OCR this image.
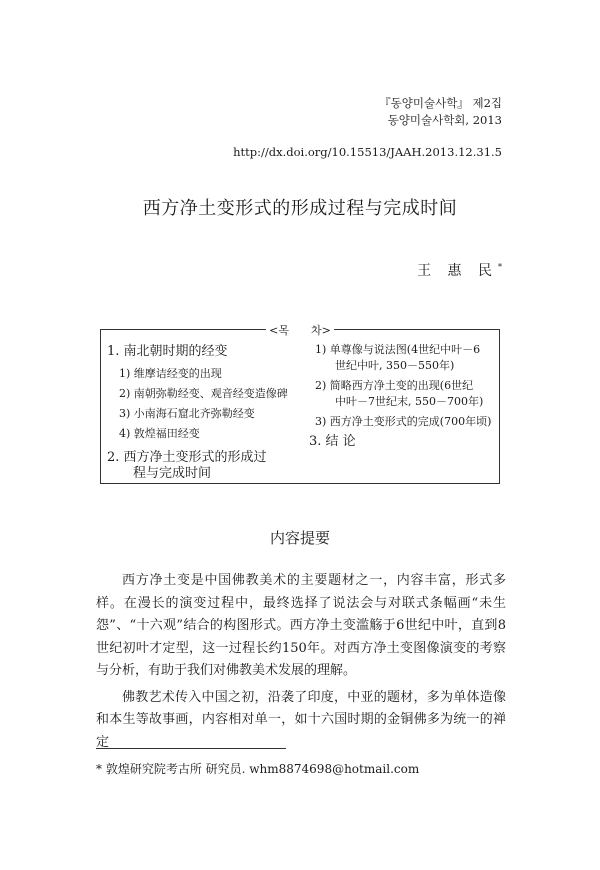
『동양미술사학』 제2집
동양미술사학회, 2013
http://dx.doi.org/10.15513/JAAH.2013.12.31.5
西方净土变形式的形成过程与完成时间
王 惠 民*
<목　　차>
1. 南北朝时期的经变
1) 维摩诘经变的出现
2) 南朝弥勒经变、观音经变造像碑
3) 小南海石窟北齐弥勒经变
4) 敦煌福田经变
2. 西方净土变形式的形成过
程与完成时间
1) 单尊像与说法图(4世纪中叶－6
世纪中叶, 350－550年)
2) 简略西方净土变的出现(6世纪
中叶－7世纪末, 550－700年)
3) 西方净土变形式的完成(700年顷)
3. 结 论
内容提要

西方净土变是中国佛教美术的主要题材之一，内容丰富，形式多样。在漫长的演变过程中，最终选择了说法会与对联式条幅画“未生怨”、“十六观”结合的构图形式。西方净土变滥觞于6世纪中叶，直到8世纪初叶才定型，这一过程长约150年。对西方净土变图像演变的考察与分析，有助于我们对佛教美术发展的理解。

佛教艺术传入中国之初，沿袭了印度，中亚的题材，多为单体造像和本生等故事画，内容相对单一，如十六国时期的金铜佛多为统一的禅定

* 敦煌研究院考古所 研究员. whm8874698@hotmail.com
